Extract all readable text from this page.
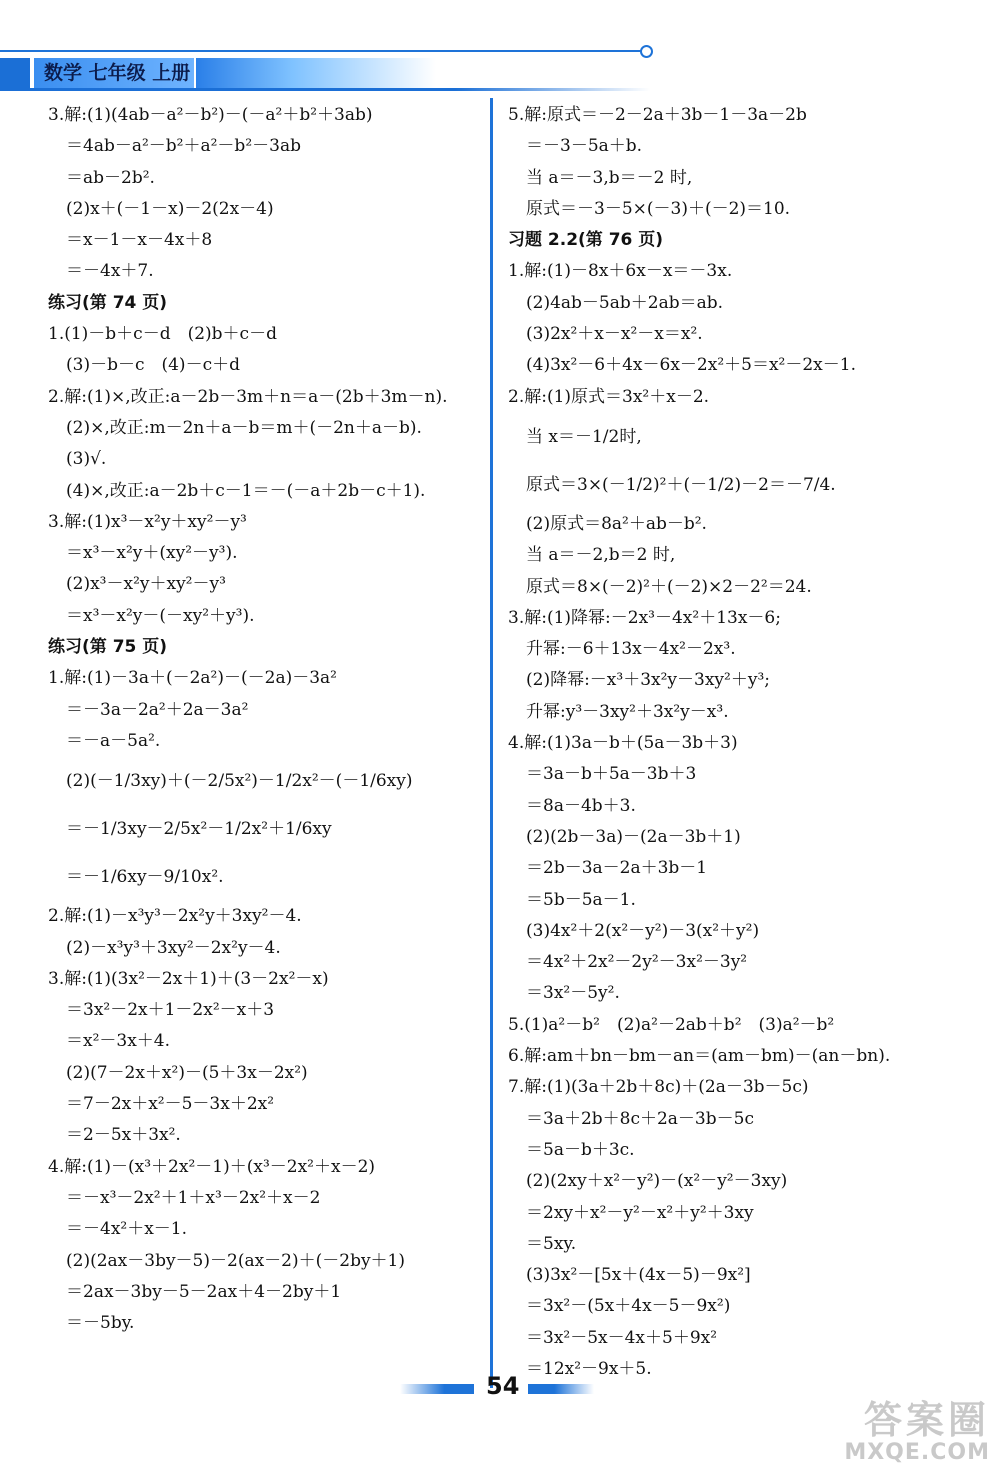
数学 七年级 上册
3.解:(1)(4ab－a²－b²)－(－a²＋b²＋3ab)
＝4ab－a²－b²＋a²－b²－3ab
＝ab－2b².
(2)x＋(－1－x)－2(2x－4)
＝x－1－x－4x＋8
＝－4x＋7.
练习(第 74 页)
1.(1)－b＋c－d　(2)b＋c－d
(3)－b－c　(4)－c＋d
2.解:(1)×,改正:a－2b－3m＋n＝a－(2b＋3m－n).
(2)×,改正:m－2n＋a－b＝m＋(－2n＋a－b).
(3)√.
(4)×,改正:a－2b＋c－1＝－(－a＋2b－c＋1).
3.解:(1)x³－x²y＋xy²－y³
＝x³－x²y＋(xy²－y³).
(2)x³－x²y＋xy²－y³
＝x³－x²y－(－xy²＋y³).
练习(第 75 页)
1.解:(1)－3a＋(－2a²)－(－2a)－3a²
＝－3a－2a²＋2a－3a²
＝－a－5a².
(2)(－1/3xy)＋(－2/5x²)－1/2x²－(－1/6xy)
＝－1/3xy－2/5x²－1/2x²＋1/6xy
＝－1/6xy－9/10x².
2.解:(1)－x³y³－2x²y＋3xy²－4.
(2)－x³y³＋3xy²－2x²y－4.
3.解:(1)(3x²－2x＋1)＋(3－2x²－x)
＝3x²－2x＋1－2x²－x＋3
＝x²－3x＋4.
(2)(7－2x＋x²)－(5＋3x－2x²)
＝7－2x＋x²－5－3x＋2x²
＝2－5x＋3x².
4.解:(1)－(x³＋2x²－1)＋(x³－2x²＋x－2)
＝－x³－2x²＋1＋x³－2x²＋x－2
＝－4x²＋x－1.
(2)(2ax－3by－5)－2(ax－2)＋(－2by＋1)
＝2ax－3by－5－2ax＋4－2by＋1
＝－5by.
5.解:原式＝－2－2a＋3b－1－3a－2b
＝－3－5a＋b.
当 a＝－3,b＝－2 时,
原式＝－3－5×(－3)＋(－2)＝10.
习题 2.2(第 76 页)
1.解:(1)－8x＋6x－x＝－3x.
(2)4ab－5ab＋2ab＝ab.
(3)2x²＋x－x²－x＝x².
(4)3x²－6＋4x－6x－2x²＋5＝x²－2x－1.
2.解:(1)原式＝3x²＋x－2.
当 x＝－1/2时,
原式＝3×(－1/2)²＋(－1/2)－2＝－7/4.
(2)原式＝8a²＋ab－b².
当 a＝－2,b＝2 时,
原式＝8×(－2)²＋(－2)×2－2²＝24.
3.解:(1)降幂:－2x³－4x²＋13x－6;
升幂:－6＋13x－4x²－2x³.
(2)降幂:－x³＋3x²y－3xy²＋y³;
升幂:y³－3xy²＋3x²y－x³.
4.解:(1)3a－b＋(5a－3b＋3)
＝3a－b＋5a－3b＋3
＝8a－4b＋3.
(2)(2b－3a)－(2a－3b＋1)
＝2b－3a－2a＋3b－1
＝5b－5a－1.
(3)4x²＋2(x²－y²)－3(x²＋y²)
＝4x²＋2x²－2y²－3x²－3y²
＝3x²－5y².
5.(1)a²－b²　(2)a²－2ab＋b²　(3)a²－b²
6.解:am＋bn－bm－an＝(am－bm)－(an－bn).
7.解:(1)(3a＋2b＋8c)＋(2a－3b－5c)
＝3a＋2b＋8c＋2a－3b－5c
＝5a－b＋3c.
(2)(2xy＋x²－y²)－(x²－y²－3xy)
＝2xy＋x²－y²－x²＋y²＋3xy
＝5xy.
(3)3x²－[5x＋(4x－5)－9x²]
＝3x²－(5x＋4x－5－9x²)
＝3x²－5x－4x＋5＋9x²
＝12x²－9x＋5.
54
答案圈
MXQE.COM
